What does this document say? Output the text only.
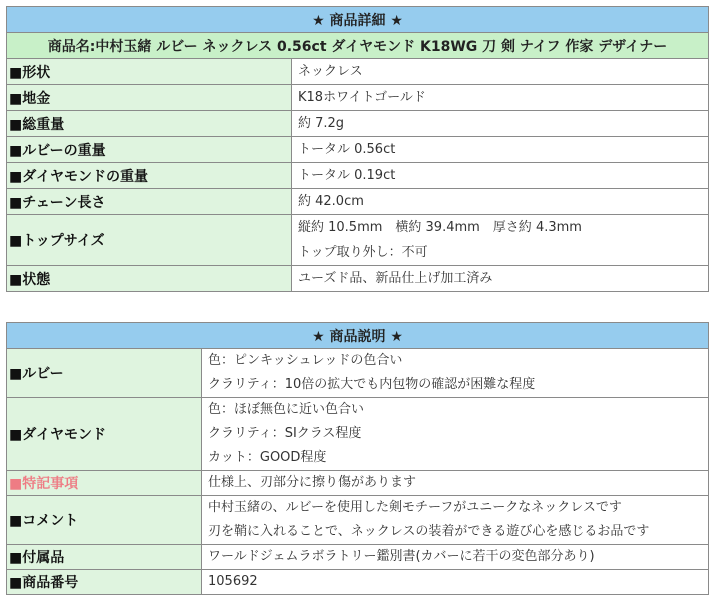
★ 商品詳細 ★	
商品名:中村玉緒 ルビー ネックレス 0.56ct ダイヤモンド K18WG 刀 剣 ナイフ 作家 デザイナー	
■形状	ネックレス

■地金	K18ホワイトゴールド

■総重量	約 7.2g

■ルビーの重量	トータル 0.56ct

■ダイヤモンドの重量	トータル 0.19ct

■チェーン長さ	約 42.0cm

■トップサイズ	縦約 10.5mm　横約 39.4mm　厚さ約 4.3mm
トップ取り外し：不可

■状態	ユーズド品、新品仕上げ加工済み
★ 商品説明 ★	
■ルビー	色：ピンキッシュレッドの色合い
クラリティ：10倍の拡大でも内包物の確認が困難な程度

■ダイヤモンド	色：ほぼ無色に近い色合い
クラリティ：SIクラス程度
カット：GOOD程度

■特記事項	仕様上、刃部分に擦り傷があります

■コメント	中村玉緒の、ルビーを使用した剣モチーフがユニークなネックレスです
刃を鞘に入れることで、ネックレスの装着ができる遊び心を感じるお品です

■付属品	ワールドジェムラボラトリー鑑別書(カバーに若干の変色部分あり)

■商品番号	105692
